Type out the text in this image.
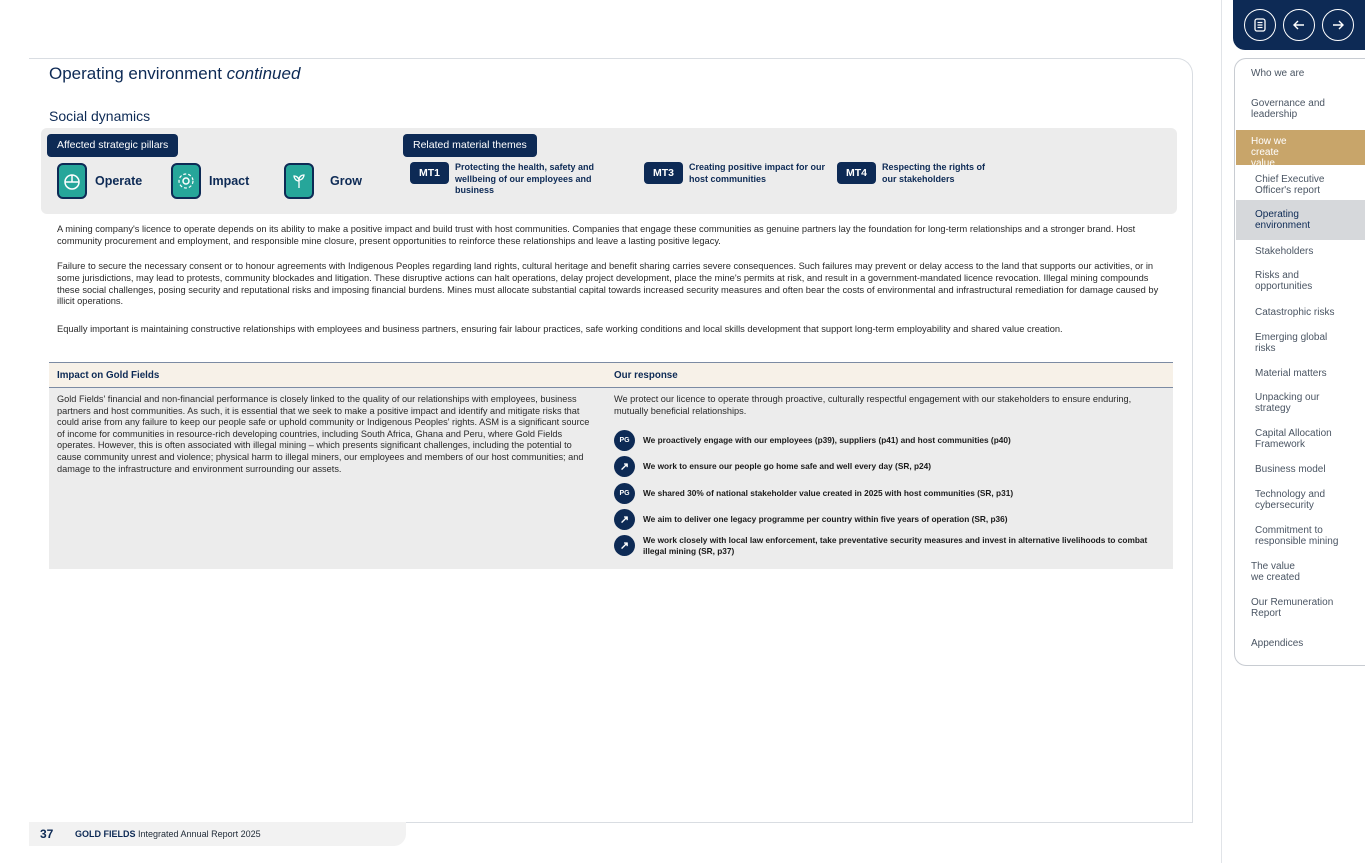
Operating environment continued
Social dynamics
Affected strategic pillars
Operate	Impact	Grow
Related material themes
MT1	Protecting the health, safety and wellbeing of our employees and business
MT3	Creating positive impact for our host communities	MT4	Respecting the rights of our stakeholders

A mining company's licence to operate depends on its ability to make a positive impact and build trust with host communities. Companies that engage these communities as genuine partners lay the foundation for long-term relationships and a stronger brand. Host community procurement and employment, and responsible mine closure, present opportunities to reinforce these relationships and leave a lasting positive legacy.

Failure to secure the necessary consent or to honour agreements with Indigenous Peoples regarding land rights, cultural heritage and benefit sharing carries severe consequences. Such failures may prevent or delay access to the land that supports our activities, or in some jurisdictions, may lead to protests, community blockades and litigation. These disruptive actions can halt operations, delay project development, place the mine's permits at risk, and result in a government-mandated licence revocation. Illegal mining compounds these social challenges, posing security and reputational risks and imposing financial burdens. Mines must allocate substantial capital towards increased security measures and often bear the costs of environmental and infrastructural remediation for damage caused by illicit operations.

Equally important is maintaining constructive relationships with employees and business partners, ensuring fair labour practices, safe working conditions and local skills development that support long-term employability and shared value creation.

Impact on Gold Fields	Our response

Gold Fields' financial and non-financial performance is closely linked to the quality of our relationships with employees, business partners and host communities. As such, it is essential that we seek to make a positive impact and identify and mitigate risks that could arise from any failure to keep our people safe or uphold community or Indigenous Peoples' rights. ASM is a significant source of income for communities in resource-rich developing countries, including South Africa, Ghana and Peru, where Gold Fields operates. However, this is often associated with illegal mining – which presents significant challenges, including the potential to cause community unrest and violence; physical harm to illegal miners, our employees and members of our host communities; and damage to the infrastructure and environment surrounding our assets.

We protect our licence to operate through proactive, culturally respectful engagement with our stakeholders to ensure enduring, mutually beneficial relationships.

PG	We proactively engage with our employees (p39), suppliers (p41) and host communities (p40)
↗	We work to ensure our people go home safe and well every day (SR, p24)
PG	We shared 30% of national stakeholder value created in 2025 with host communities (SR, p31)
↗	We aim to deliver one legacy programme per country within five years of operation (SR, p36)
↗	We work closely with local law enforcement, take preventative security measures and invest in alternative livelihoods to combat illegal mining (SR, p37)
37 GOLD FIELDS Integrated Annual Report 2025
Who we are
Governance and leadership
How we create value
Chief Executive Officer's report
Operating environment
Stakeholders
Risks and opportunities
Catastrophic risks
Emerging global risks
Material matters
Unpacking our strategy
Capital Allocation Framework
Business model
Technology and cybersecurity
Commitment to responsible mining
The value we created
Our Remuneration Report
Appendices
